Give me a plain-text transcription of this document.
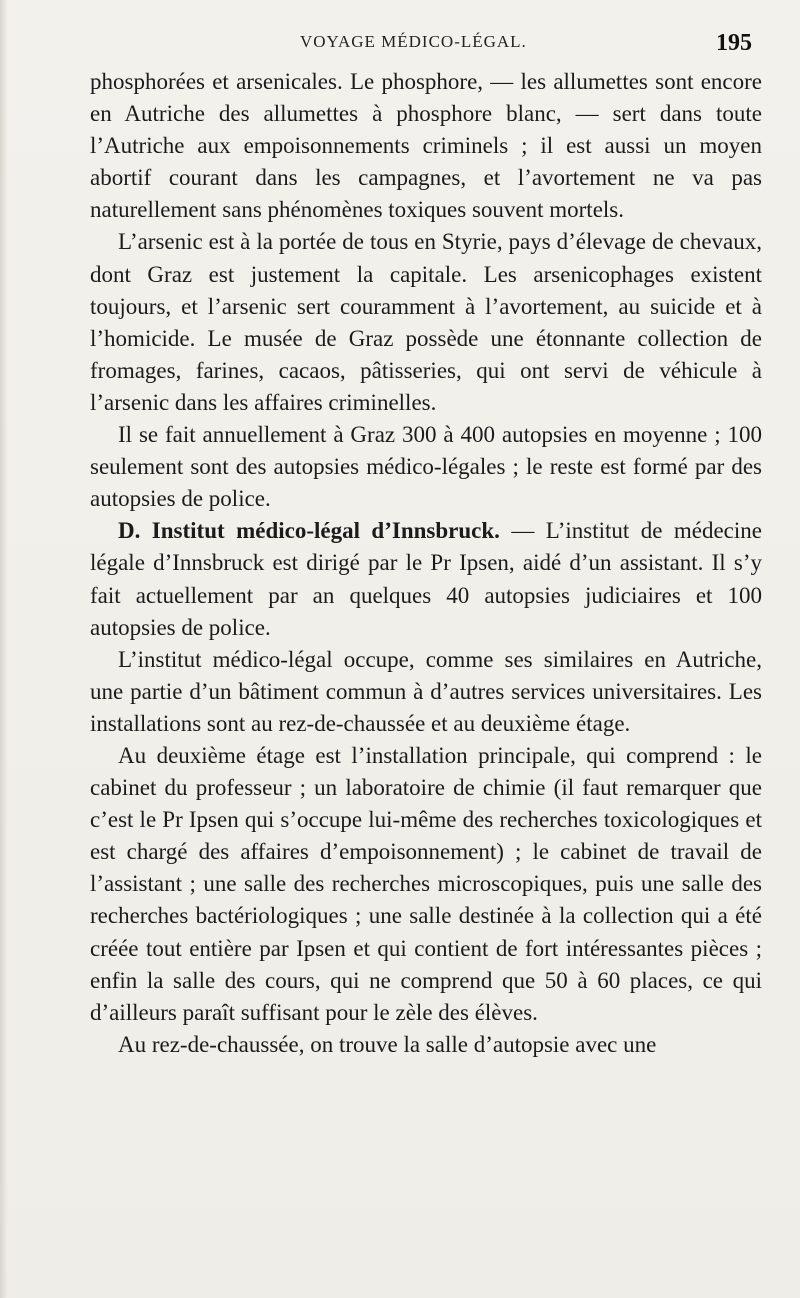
VOYAGE MÉDICO-LÉGAL.	195

phosphorées et arsenicales. Le phosphore, — les allumettes sont encore en Autriche des allumettes à phosphore blanc, — sert dans toute l’Autriche aux empoisonnements criminels ; il est aussi un moyen abortif courant dans les campagnes, et l’avortement ne va pas naturellement sans phénomènes toxiques souvent mortels.

L’arsenic est à la portée de tous en Styrie, pays d’élevage de chevaux, dont Graz est justement la capitale. Les arsenicophages existent toujours, et l’arsenic sert couramment à l’avortement, au suicide et à l’homicide. Le musée de Graz possède une étonnante collection de fromages, farines, cacaos, pâtisseries, qui ont servi de véhicule à l’arsenic dans les affaires criminelles.

Il se fait annuellement à Graz 300 à 400 autopsies en moyenne ; 100 seulement sont des autopsies médico-légales ; le reste est formé par des autopsies de police.

D. Institut médico-légal d’Innsbruck. — L’institut de médecine légale d’Innsbruck est dirigé par le Pr Ipsen, aidé d’un assistant. Il s’y fait actuellement par an quelques 40 autopsies judiciaires et 100 autopsies de police.

L’institut médico-légal occupe, comme ses similaires en Autriche, une partie d’un bâtiment commun à d’autres services universitaires. Les installations sont au rez-de-chaussée et au deuxième étage.

Au deuxième étage est l’installation principale, qui comprend : le cabinet du professeur ; un laboratoire de chimie (il faut remarquer que c’est le Pr Ipsen qui s’occupe lui-même des recherches toxicologiques et est chargé des affaires d’empoisonnement) ; le cabinet de travail de l’assistant ; une salle des recherches microscopiques, puis une salle des recherches bactériologiques ; une salle destinée à la collection qui a été créée tout entière par Ipsen et qui contient de fort intéressantes pièces ; enfin la salle des cours, qui ne comprend que 50 à 60 places, ce qui d’ailleurs paraît suffisant pour le zèle des élèves.

Au rez-de-chaussée, on trouve la salle d’autopsie avec une
